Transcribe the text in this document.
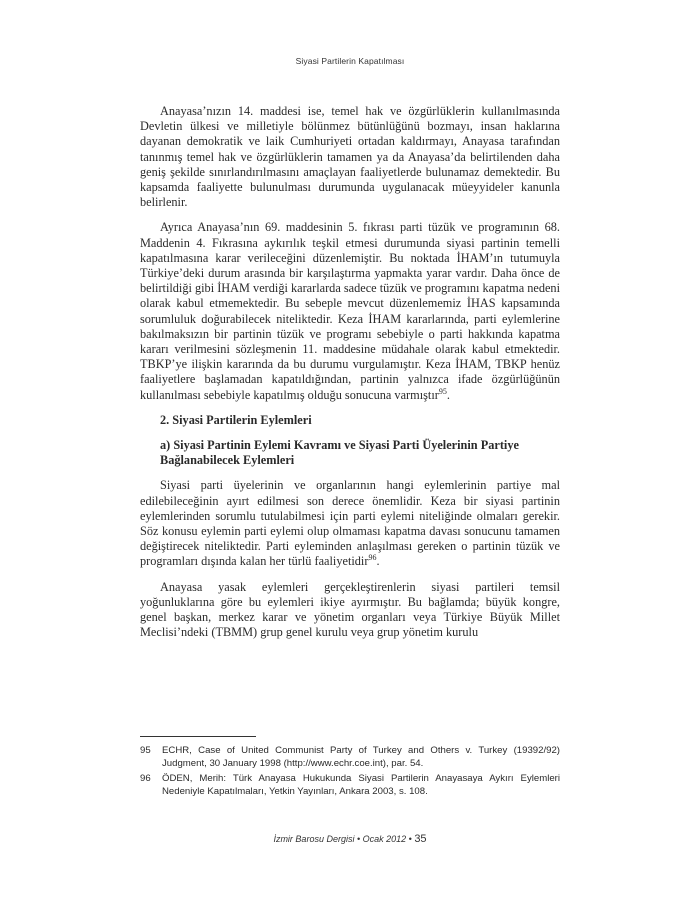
Siyasi Partilerin Kapatılması

Anayasa’nızın 14. maddesi ise, temel hak ve özgürlüklerin kullanılmasında Devletin ülkesi ve milletiyle bölünmez bütünlüğünü bozmayı, insan haklarına dayanan demokratik ve laik Cumhuriyeti ortadan kaldırmayı, Anayasa tarafından tanınmış temel hak ve özgürlüklerin tamamen ya da Anayasa’da belirtilenden daha geniş şekilde sınırlandırılmasını amaçlayan faaliyetlerde bulunamaz demektedir. Bu kapsamda faaliyette bulunulması durumunda uygulanacak müeyyideler kanunla belirlenir.

Ayrıca Anayasa’nın 69. maddesinin 5. fıkrası parti tüzük ve programının 68. Maddenin 4. Fıkrasına aykırılık teşkil etmesi durumunda siyasi partinin temelli kapatılmasına karar verileceğini düzenlemiştir. Bu noktada İHAM’ın tutumuyla Türkiye’deki durum arasında bir karşılaştırma yapmakta yarar vardır. Daha önce de belirtildiği gibi İHAM verdiği kararlarda sadece tüzük ve programını kapatma nedeni olarak kabul etmemektedir. Bu sebeple mevcut düzenlememiz İHAS kapsamında sorumluluk doğurabilecek niteliktedir. Keza İHAM kararlarında, parti eylemlerine bakılmaksızın bir partinin tüzük ve programı sebebiyle o parti hakkında kapatma kararı verilmesini sözleşmenin 11. maddesine müdahale olarak kabul etmektedir. TBKP’ye ilişkin kararında da bu durumu vurgulamıştır. Keza İHAM, TBKP henüz faaliyetlere başlamadan kapatıldığından, partinin yalnızca ifade özgürlüğünün kullanılması sebebiyle kapatılmış olduğu sonucuna varmıştır$^{95}$.

2. Siyasi Partilerin Eylemleri
a) Siyasi Partinin Eylemi Kavramı ve Siyasi Parti Üyelerinin Partiye Bağlanabilecek Eylemleri

Siyasi parti üyelerinin ve organlarının hangi eylemlerinin partiye mal edilebileceğinin ayırt edilmesi son derece önemlidir. Keza bir siyasi partinin eylemlerinden sorumlu tutulabilmesi için parti eylemi niteliğinde olmaları gerekir. Söz konusu eylemin parti eylemi olup olmaması kapatma davası sonucunu tamamen değiştirecek niteliktedir. Parti eyleminden anlaşılması gereken o partinin tüzük ve programları dışında kalan her türlü faaliyetidir$^{96}$.

Anayasa yasak eylemleri gerçekleştirenlerin siyasi partileri temsil yoğunluklarına göre bu eylemleri ikiye ayırmıştır. Bu bağlamda; büyük kongre, genel başkan, merkez karar ve yönetim organları veya Türkiye Büyük Millet Meclisi’ndeki (TBMM) grup genel kurulu veya grup yönetim kurulu

95	ECHR, Case of United Communist Party of Turkey and Others v. Turkey (19392/92) Judgment, 30 January 1998 (http://www.echr.coe.int), par. 54.
96	ÖDEN, Merih: Türk Anayasa Hukukunda Siyasi Partilerin Anayasaya Aykırı Eylemleri Nedeniyle Kapatılmaları, Yetkin Yayınları, Ankara 2003, s. 108.
İzmir Barosu Dergisi • Ocak 2012 • 35
